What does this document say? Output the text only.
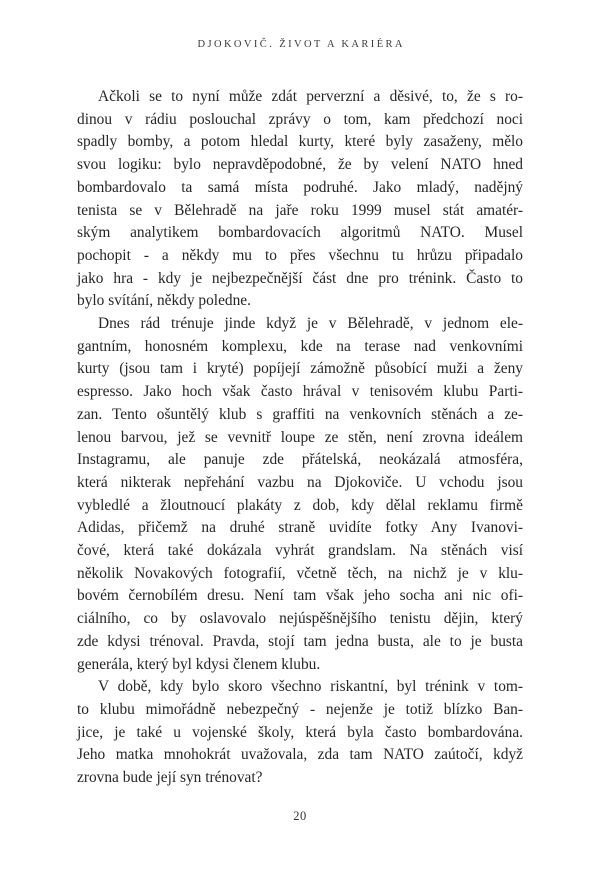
DJOKOVIČ. ŽIVOT A KARIÉRA
Ačkoli se to nyní může zdát perverzní a děsivé, to, že s ro-
dinou v rádiu poslouchal zprávy o tom, kam předchozí noci
spadly bomby, a potom hledal kurty, které byly zasaženy, mělo
svou logiku: bylo nepravděpodobné, že by velení NATO hned
bombardovalo ta samá místa podruhé. Jako mladý, nadějný
tenista se v Bělehradě na jaře roku 1999 musel stát amatér-
ským analytikem bombardovacích algoritmů NATO. Musel
pochopit - a někdy mu to přes všechnu tu hrůzu připadalo
jako hra - kdy je nejbezpečnější část dne pro trénink. Často to
bylo svítání, někdy poledne.
Dnes rád trénuje jinde když je v Bělehradě, v jednom ele-
gantním, honosném komplexu, kde na terase nad venkovními
kurty (jsou tam i kryté) popíjejí zámožně působící muži a ženy
espresso. Jako hoch však často hrával v tenisovém klubu Parti-
zan. Tento ošuntělý klub s graffiti na venkovních stěnách a ze-
lenou barvou, jež se vevnitř loupe ze stěn, není zrovna ideálem
Instagramu, ale panuje zde přátelská, neokázalá atmosféra,
která nikterak nepřehání vazbu na Djokoviče. U vchodu jsou
vybledlé a žloutnoucí plakáty z dob, kdy dělal reklamu firmě
Adidas, přičemž na druhé straně uvidíte fotky Any Ivanovi-
čové, která také dokázala vyhrát grandslam. Na stěnách visí
několik Novakových fotografií, včetně těch, na nichž je v klu-
bovém černobílém dresu. Není tam však jeho socha ani nic ofi-
ciálního, co by oslavovalo nejúspěšnějšího tenistu dějin, který
zde kdysi trénoval. Pravda, stojí tam jedna busta, ale to je busta
generála, který byl kdysi členem klubu.
V době, kdy bylo skoro všechno riskantní, byl trénink v tom-
to klubu mimořádně nebezpečný - nejenže je totiž blízko Ban-
jice, je také u vojenské školy, která byla často bombardována.
Jeho matka mnohokrát uvažovala, zda tam NATO zaútočí, když
zrovna bude její syn trénovat?
20
